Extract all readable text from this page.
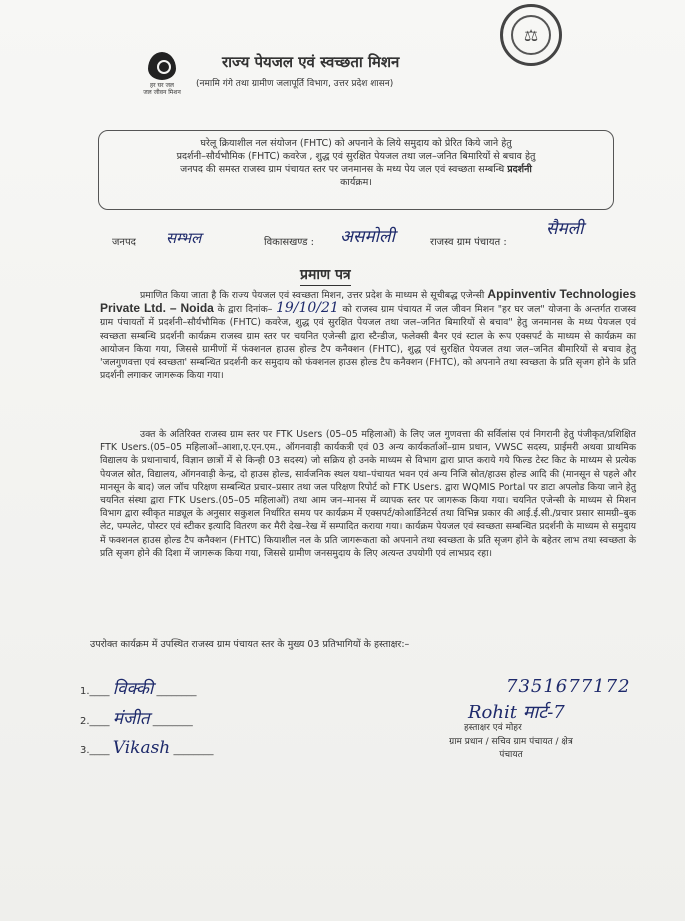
हर घर जल
जल जीवन मिशन
⚖
राज्य पेयजल एवं स्वच्छता मिशन
(नमामि गंगे तथा ग्रामीण जलापूर्ति विभाग, उत्तर प्रदेश शासन)
घरेलू क्रियाशील नल संयोजन (FHTC) को अपनाने के लिये समुदाय को प्रेरित किये जाने हेतु
प्रदर्शनी–सौर्यभौमिक (FHTC) कवरेज , शुद्ध एवं सुरक्षित पेयजल तथा जल–जनित बिमारियों से बचाव हेतु
जनपद की समस्त राजस्व ग्राम पंचायत स्तर पर जनमानस के मध्य पेय जल एवं स्वच्छता सम्बन्धि प्रदर्शनी
कार्यक्रम।
जनपद सम्भल	विकासखण्ड : असमोली	राजस्व ग्राम पंचायत :
सैमली
प्रमाण पत्र
प्रमाणित किया जाता है कि राज्य पेयजल एवं स्वच्छता मिशन, उत्तर प्रदेश के माध्यम से सूचीबद्ध एजेन्सी Appinventiv Technologies Private Ltd. – Noida के द्वारा दिनांक– 19/10/21 को राजस्व ग्राम पंचायत में जल जीवन मिशन "हर घर जल" योजना के अन्तर्गत राजस्व ग्राम पंचायतों में प्रदर्शनी–सौर्यभौमिक (FHTC) कवरेज, शुद्ध एवं सुरक्षित पेयजल तथा जल–जनित बिमारियों से बचाव" हेतु जनमानस के मध्य पेयजल एवं स्वच्छता सम्बन्धि प्रदर्शनी कार्यक्रम राजस्व ग्राम स्तर पर चयनित एजेन्सी द्वारा स्टैन्डीज, फलेक्सी बैनर एवं स्टाल के रूप एक्सपर्ट के माध्यम से कार्यक्रम का आयोजन किया गया, जिससे ग्रामीणों में फंक्शनल हाउस होल्ड टैप कनैक्शन (FHTC), शुद्ध एवं सुरक्षित पेयजल तथा जल–जनित बीमारियों से बचाव हेतु 'जलगुणवत्ता एवं स्वच्छता' सम्बन्धित प्रदर्शनी कर समुदाय को फंक्शनल हाउस होल्ड टैप कनैक्शन (FHTC), को अपनाने तथा स्वच्छता के प्रति सृजग होने के प्रति प्रदर्शनी लगाकर जागरूक किया गया।
उक्त के अतिरिक्त राजस्व ग्राम स्तर पर FTK Users (05–05 महिलाओं) के लिए जल गुणवत्ता की सर्विलांस एवं निगरानी हेतु पंजीकृत/प्रशिक्षित FTK Users.(05–05 महिलाओं–आशा,ए.एन.एम., ऑगनवाड़ी कार्यकत्री एवं 03 अन्य कार्यकर्ताओं–ग्राम प्रधान, VWSC सदस्य, प्राईमरी अथवा प्राथमिक विद्यालय के प्रधानाचार्य, विज्ञान छात्रों में से किन्ही 03 सदस्य) जो सक्रिय हो उनके माध्यम से विभाग द्वारा प्राप्त कराये गये फिल्ड टेस्ट किट के माध्यम से प्रत्येक पेयजल स्रोत, विद्यालय, ऑगनवाड़ी केन्द्र, दो हाउस होल्ड, सार्वजनिक स्थल यथा–पंचायत भवन एवं अन्य निजि स्रोत/हाउस होल्ड आदि की (मानसून से पहले और मानसून के बाद) जल जॉच परिक्षण सम्बन्धित प्रचार–प्रसार तथा जल परिक्षण रिपोर्ट को FTK Users. द्वारा WQMIS Portal पर डाटा अपलोड किया जाने हेतु चयनित संस्था द्वारा FTK Users.(05–05 महिलाओं) तथा आम जन–मानस में व्यापक स्तर पर जागरूक किया गया। चयनित एजेन्सी के माध्यम से मिशन विभाग द्वारा स्वीकृत माड्यूल के अनुसार सकुशल निर्धारित समय पर कार्यक्रम में एक्सपर्ट/कोआर्डिनेटर्स तथा विभिन्न प्रकार की आई.ई.सी./प्रचार प्रसार सामग्री–बुक लेट, पम्पलेट, पोस्टर एवं स्टीकर इत्यादि वितरण कर मैरी देख–रेख में सम्पादित कराया गया। कार्यक्रम पेयजल एवं स्वच्छता सम्बन्धित प्रदर्शनी के माध्यम से समुदाय में फक्शनल हाउस होल्ड टैप कनैक्शन (FHTC) कियाशील नल के प्रति जागरूकता को अपनाने तथा स्वच्छता के प्रति सृजग होने के बहेतर लाभ तथा स्वच्छता के प्रति सृजग होने की दिशा में जागरूक किया गया, जिससे ग्रामीण जनसमुदाय के लिए अत्यन्त उपयोगी एवं लाभप्रद रहा।
उपरोक्त कार्यक्रम में उपस्थित राजस्व ग्राम पंचायत स्तर के मुख्य 03 प्रतिभागियों के हस्ताक्षर:–
1.____ विक्की ________
2.____ मंजीत ________
3.____ Vikash ________
7351677172
Rohit मार्ट-7
हस्ताक्षर एवं मोहर
ग्राम प्रधान / सचिव ग्राम पंचायत / क्षेत्र पंचायत
